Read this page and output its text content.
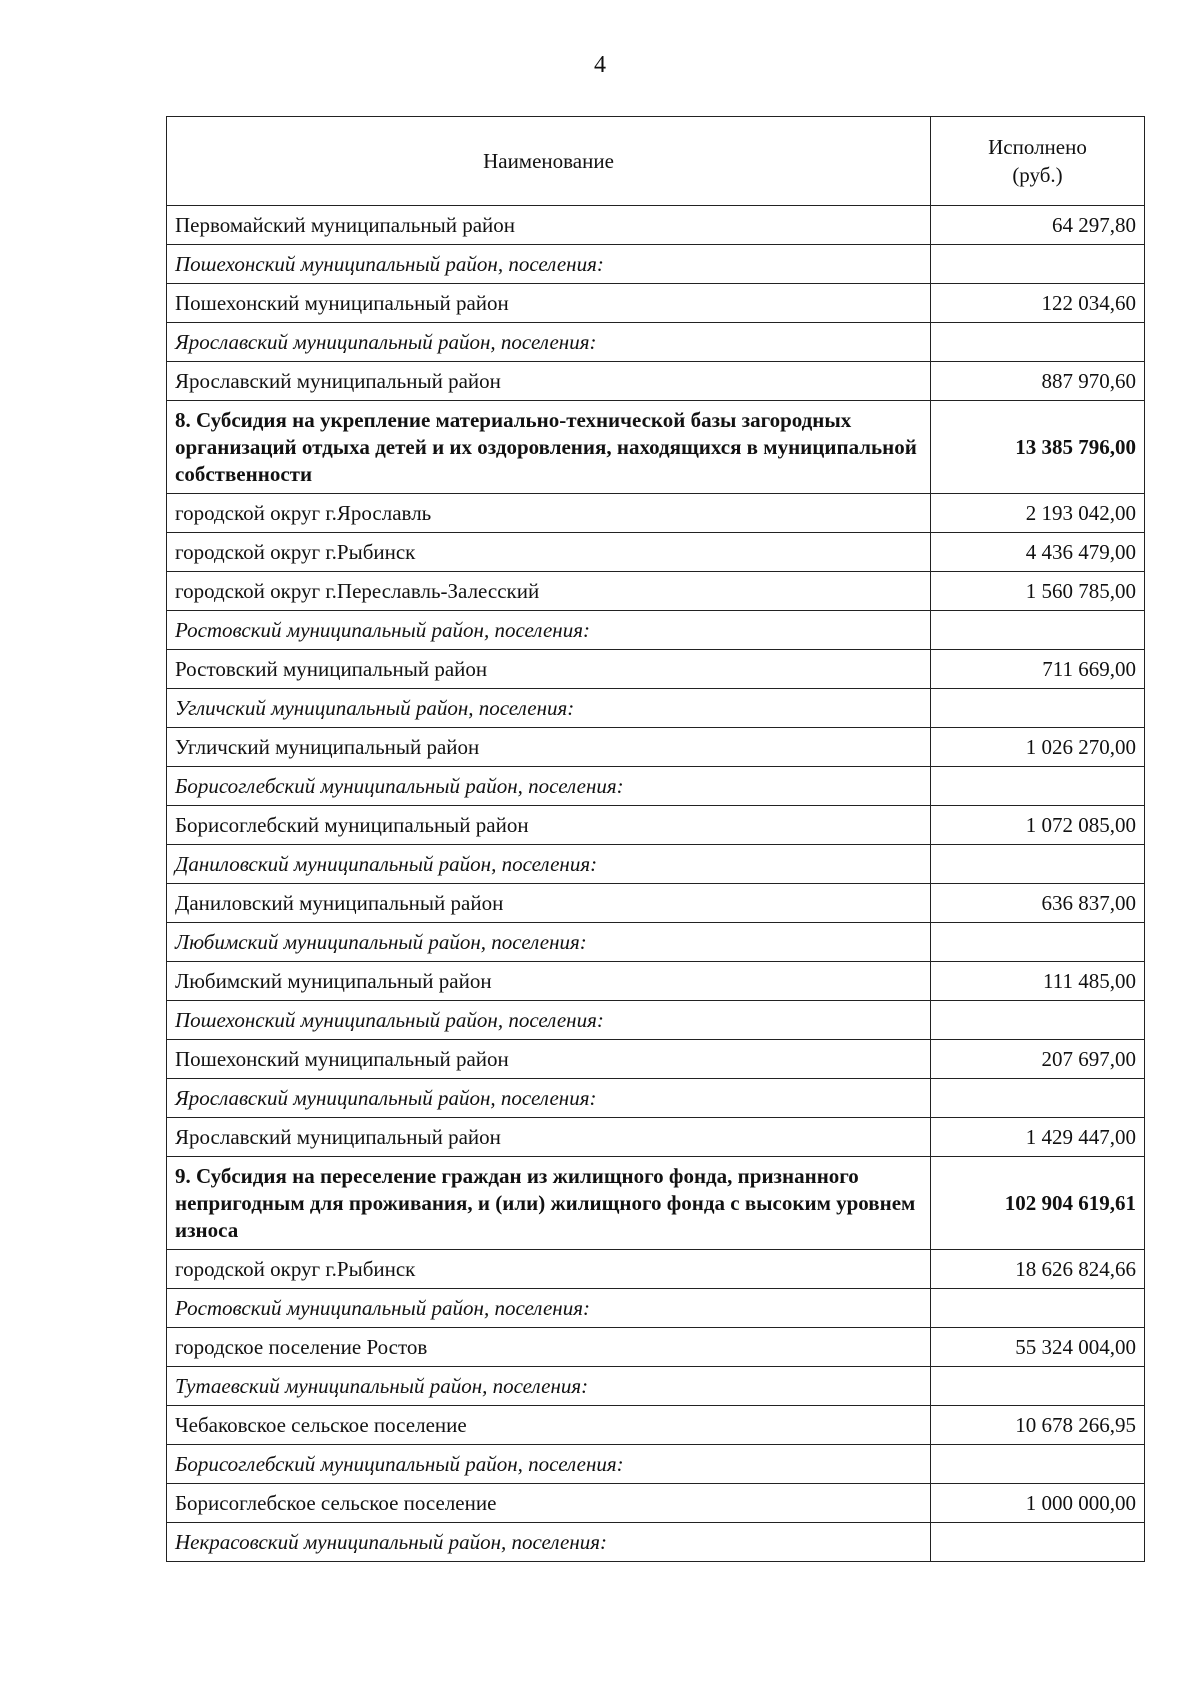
4
Наименование	Исполнено
(руб.)

Первомайский муниципальный район	64 297,80
Пошехонский муниципальный район, поселения:	
Пошехонский муниципальный район	122 034,60
Ярославский муниципальный район, поселения:	
Ярославский муниципальный район	887 970,60
8. Субсидия на укрепление материально-технической базы загородных организаций отдыха детей и их оздоровления, находящихся в муниципальной собственности	13 385 796,00
городской округ г.Ярославль	2 193 042,00
городской округ г.Рыбинск	4 436 479,00
городской округ г.Переславль-Залесский	1 560 785,00
Ростовский муниципальный район, поселения:	
Ростовский муниципальный район	711 669,00
Угличский муниципальный район, поселения:	
Угличский муниципальный район	1 026 270,00
Борисоглебский муниципальный район, поселения:	
Борисоглебский муниципальный район	1 072 085,00
Даниловский муниципальный район, поселения:	
Даниловский муниципальный район	636 837,00
Любимский муниципальный район, поселения:	
Любимский муниципальный район	111 485,00
Пошехонский муниципальный район, поселения:	
Пошехонский муниципальный район	207 697,00
Ярославский муниципальный район, поселения:	
Ярославский муниципальный район	1 429 447,00
9. Субсидия на переселение граждан из жилищного фонда, признанного непригодным для проживания, и (или) жилищного фонда с высоким уровнем износа	102 904 619,61
городской округ г.Рыбинск	18 626 824,66
Ростовский муниципальный район, поселения:	
городское поселение Ростов	55 324 004,00
Тутаевский муниципальный район, поселения:	
Чебаковское сельское поселение	10 678 266,95
Борисоглебский муниципальный район, поселения:	
Борисоглебское сельское поселение	1 000 000,00
Некрасовский муниципальный район, поселения:	
